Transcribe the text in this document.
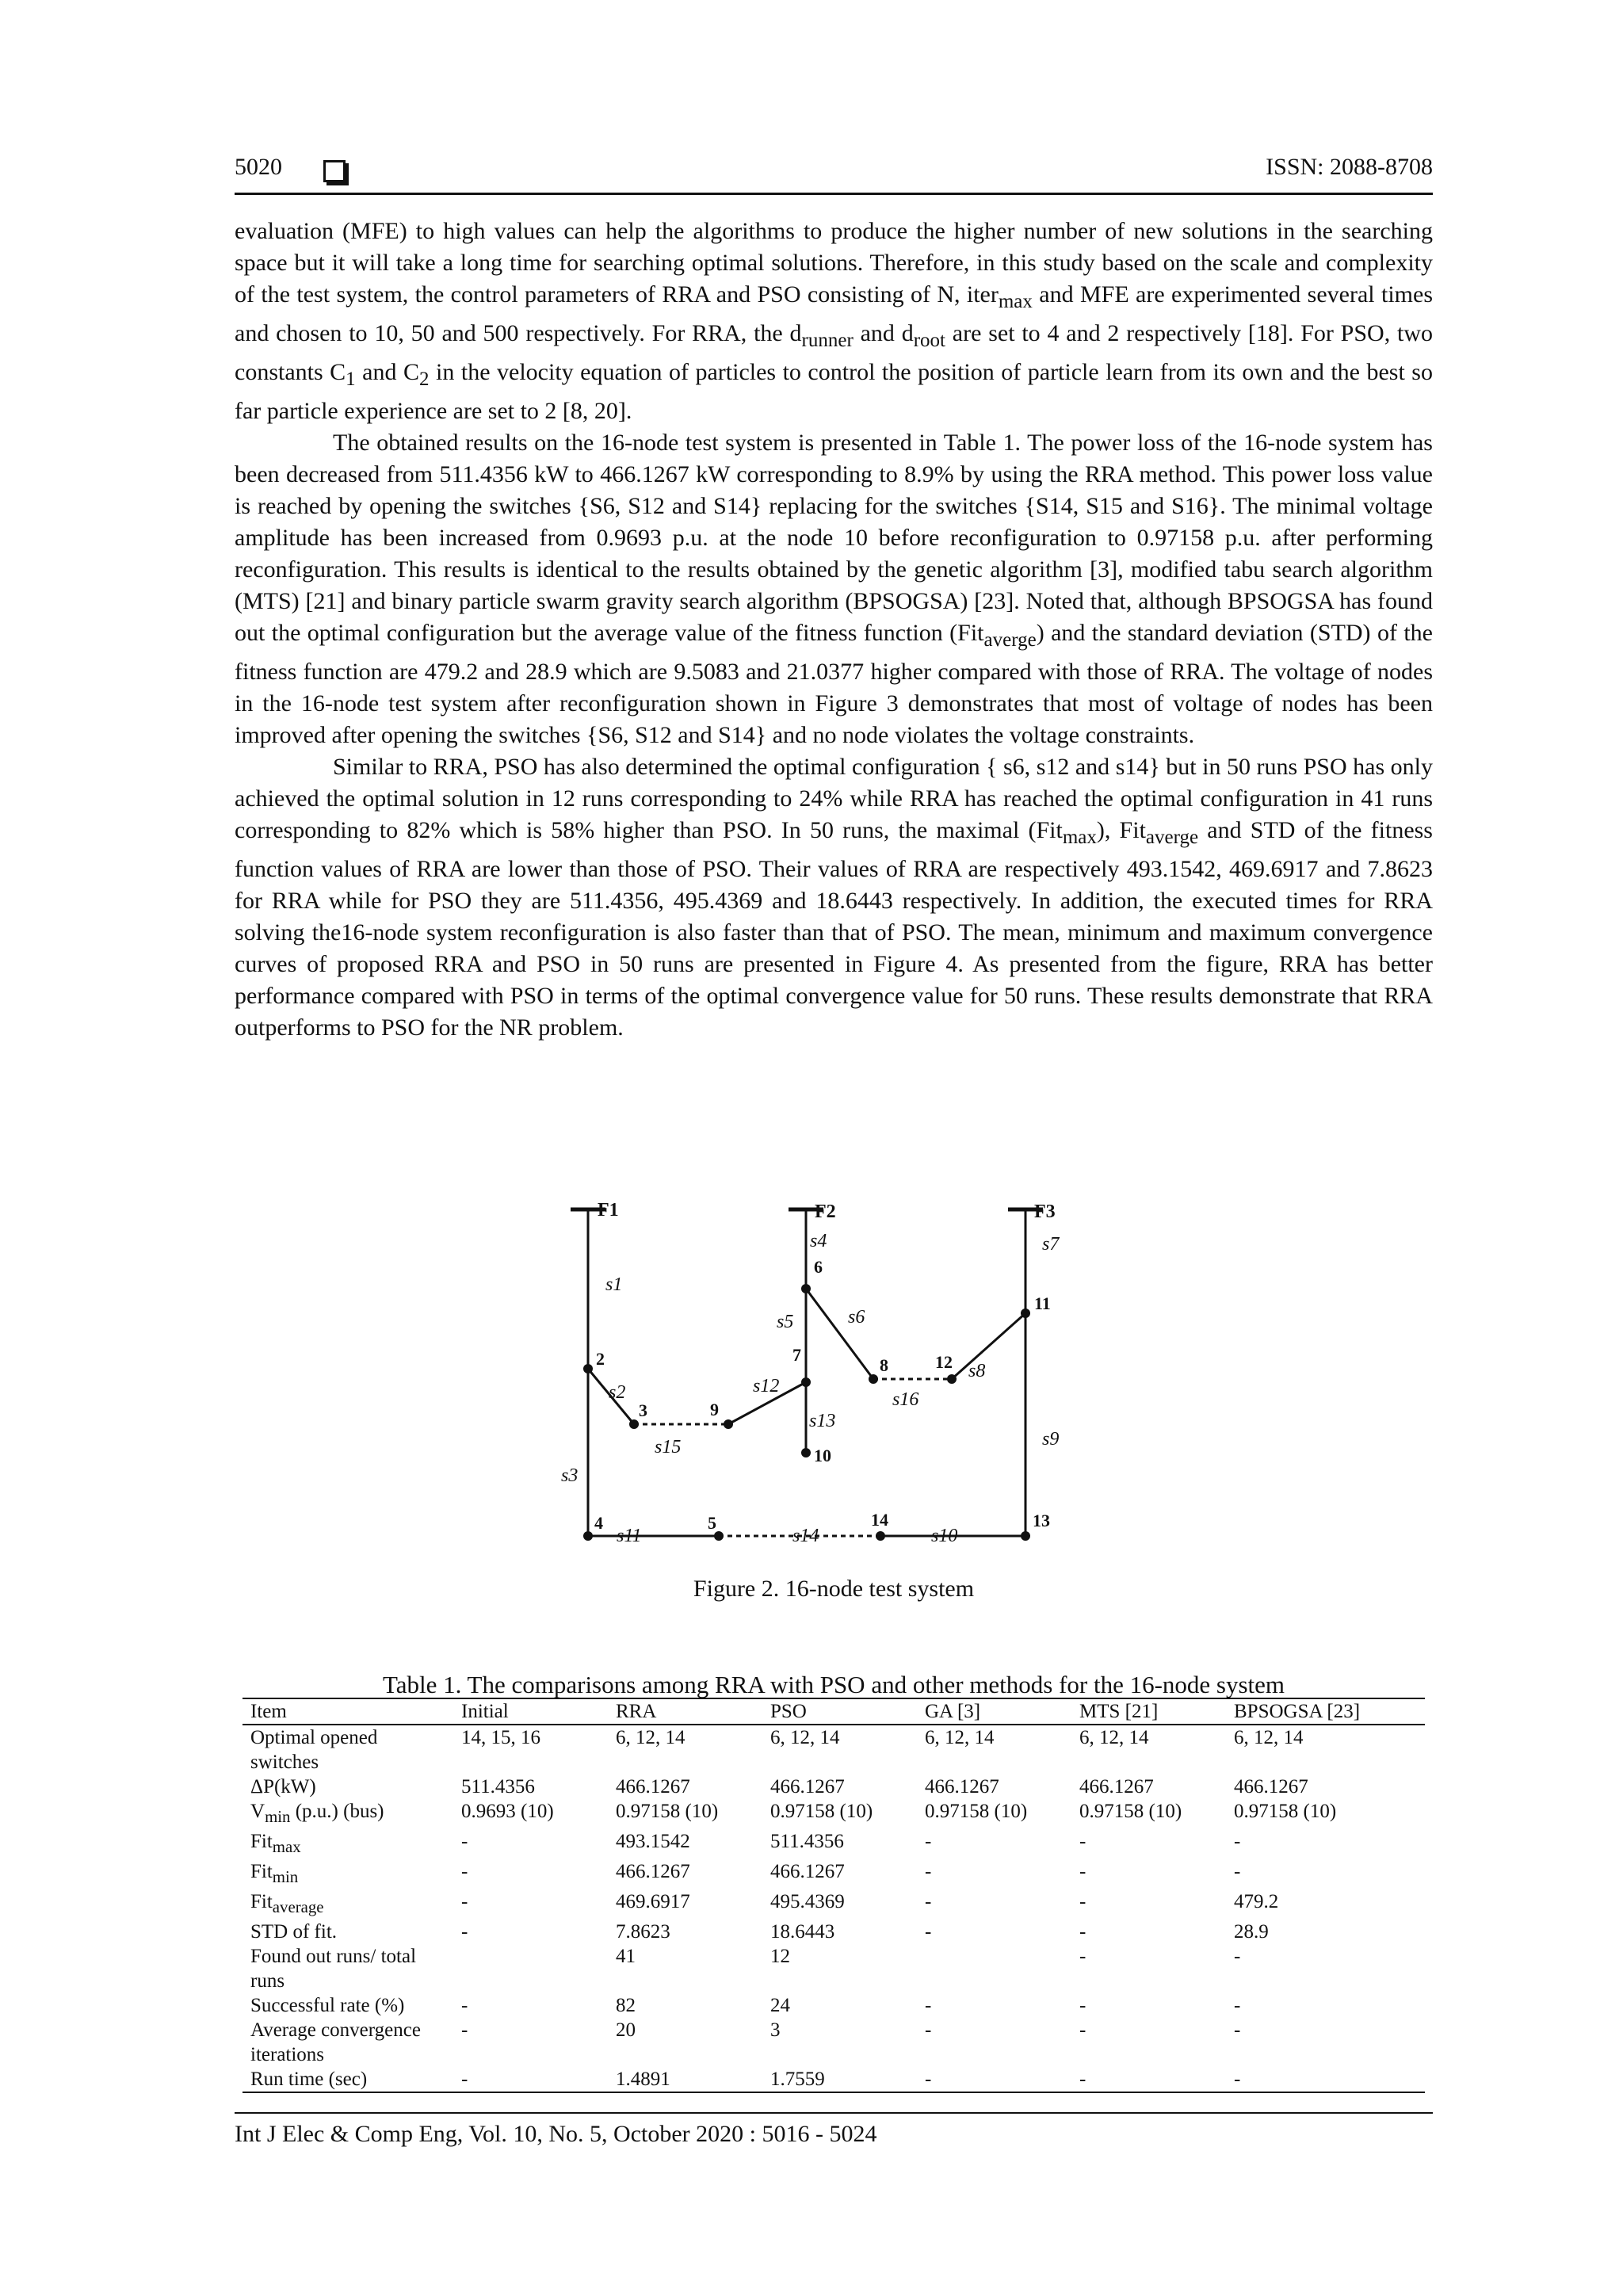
5020	ISSN: 2088-8708

evaluation (MFE) to high values can help the algorithms to produce the higher number of new solutions in the searching space but it will take a long time for searching optimal solutions. Therefore, in this study based on the scale and complexity of the test system, the control parameters of RRA and PSO consisting of N, iter$_{max}$ and MFE are experimented several times and chosen to 10, 50 and 500 respectively. For RRA, the $d_{runner}$ and $d_{root}$ are set to 4 and 2 respectively [18]. For PSO, two constants $C_1$ and $C_2$ in the velocity equation of particles to control the position of particle learn from its own and the best so far particle experience are set to 2 [8, 20].

The obtained results on the 16-node test system is presented in Table 1. The power loss of the 16-node system has been decreased from 511.4356 kW to 466.1267 kW corresponding to 8.9% by using the RRA method. This power loss value is reached by opening the switches {S6, S12 and S14} replacing for the switches {S14, S15 and S16}. The minimal voltage amplitude has been increased from 0.9693 p.u. at the node 10 before reconfiguration to 0.97158 p.u. after performing reconfiguration. This results is identical to the results obtained by the genetic algorithm [3], modified tabu search algorithm (MTS) [21] and binary particle swarm gravity search algorithm (BPSOGSA) [23]. Noted that, although BPSOGSA has found out the optimal configuration but the average value of the fitness function (Fit$_{averge}$) and the standard deviation (STD) of the fitness function are 479.2 and 28.9 which are 9.5083 and 21.0377 higher compared with those of RRA. The voltage of nodes in the 16-node test system after reconfiguration shown in Figure 3 demonstrates that most of voltage of nodes has been improved after opening the switches {S6, S12 and S14} and no node violates the voltage constraints.

Similar to RRA, PSO has also determined the optimal configuration { s6, s12 and s14} but in 50 runs PSO has only achieved the optimal solution in 12 runs corresponding to 24% while RRA has reached the optimal configuration in 41 runs corresponding to 82% which is 58% higher than PSO. In 50 runs, the maximal (Fit$_{max}$), Fit$_{averge}$ and STD of the fitness function values of RRA are lower than those of PSO. Their values of RRA are respectively 493.1542, 469.6917 and 7.8623 for RRA while for PSO they are 511.4356, 495.4369 and 18.6443 respectively. In addition, the executed times for RRA solving the16-node system reconfiguration is also faster than that of PSO. The mean, minimum and maximum convergence curves of proposed RRA and PSO in 50 runs are presented in Figure 4. As presented from the figure, RRA has better performance compared with PSO in terms of the optimal convergence value for 50 runs. These results demonstrate that RRA outperforms to PSO for the NR problem.

F1	F2	F3
2
3	9
7
6
8	12
11
10
4	5	14	13
s1
s2
s3
s4
s5	s6
s7
s8
s9
s10
s11
s12
s13
s14
s15
s16
Figure 2. 16-node test system
Table 1. The comparisons among RRA with PSO and other methods for the 16-node system
Item	Initial	RRA	PSO	GA [3]	MTS [21]	BPSOGSA [23]
Optimal opened switches	14, 15, 16	6, 12, 14	6, 12, 14	6, 12, 14	6, 12, 14	6, 12, 14
ΔP(kW)	511.4356	466.1267	466.1267	466.1267	466.1267	466.1267
$V_{min}$ (p.u.) (bus)	0.9693 (10)	0.97158 (10)	0.97158 (10)	0.97158 (10)	0.97158 (10)	0.97158 (10)
Fit$_{max}$	-	493.1542	511.4356	-	-	-
Fit$_{min}$	-	466.1267	466.1267	-	-	-
Fit$_{average}$	-	469.6917	495.4369	-	-	479.2
STD of fit.	-	7.8623	18.6443	-	-	28.9
Found out runs/ total runs		41	12		-	-
Successful rate (%)	-	82	24	-	-	-
Average convergence iterations	-	20	3	-	-	-
Run time (sec)	-	1.4891	1.7559	-	-	-
Int J Elec & Comp Eng, Vol. 10, No. 5, October 2020 : 5016 - 5024
